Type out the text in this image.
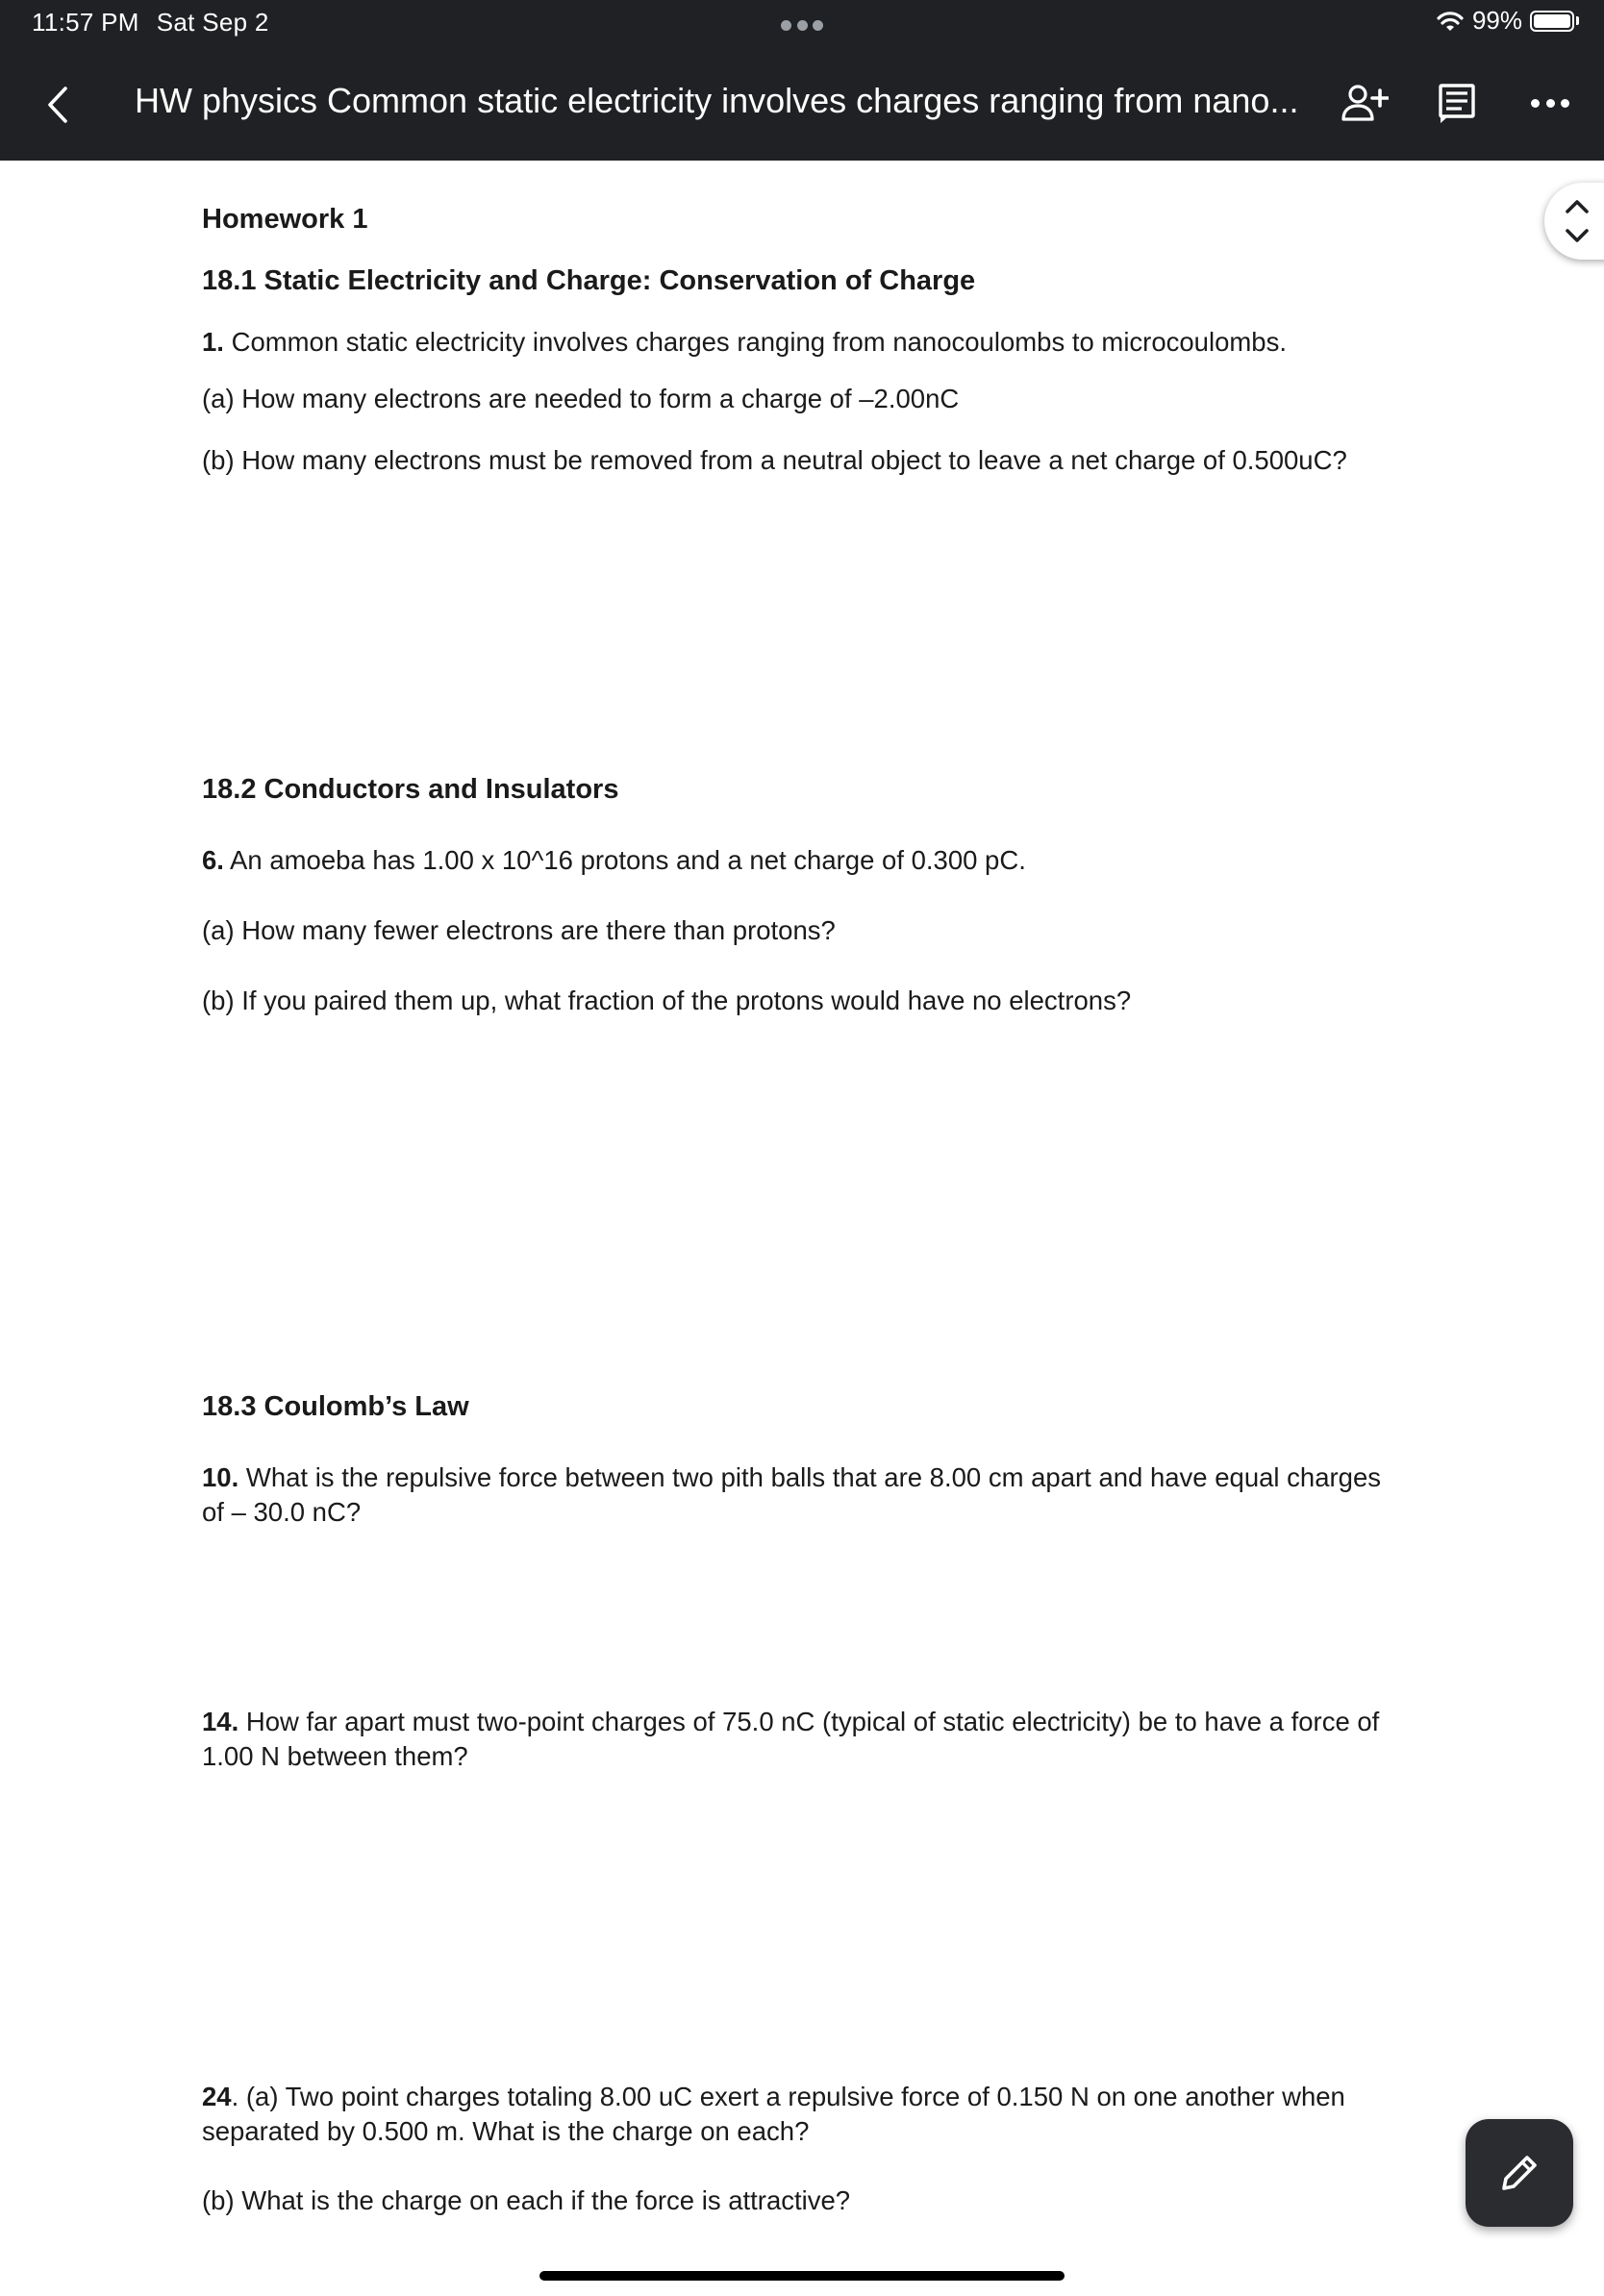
11:57 PM Sat Sep 2	99%
HW physics Common static electricity involves charges ranging from nano...
Homework 1
18.1 Static Electricity and Charge: Conservation of Charge
1. Common static electricity involves charges ranging from nanocoulombs to microcoulombs.
(a) How many electrons are needed to form a charge of –2.00nC
(b) How many electrons must be removed from a neutral object to leave a net charge of 0.500uC?
18.2 Conductors and Insulators
6. An amoeba has 1.00 x 10^16 protons and a net charge of 0.300 pC.
(a) How many fewer electrons are there than protons?
(b) If you paired them up, what fraction of the protons would have no electrons?
18.3 Coulomb’s Law
10. What is the repulsive force between two pith balls that are 8.00 cm apart and have equal charges of – 30.0 nC?
14. How far apart must two-point charges of 75.0 nC (typical of static electricity) be to have a force of 1.00 N between them?
24. (a) Two point charges totaling 8.00 uC exert a repulsive force of 0.150 N on one another when separated by 0.500 m. What is the charge on each?
(b) What is the charge on each if the force is attractive?
